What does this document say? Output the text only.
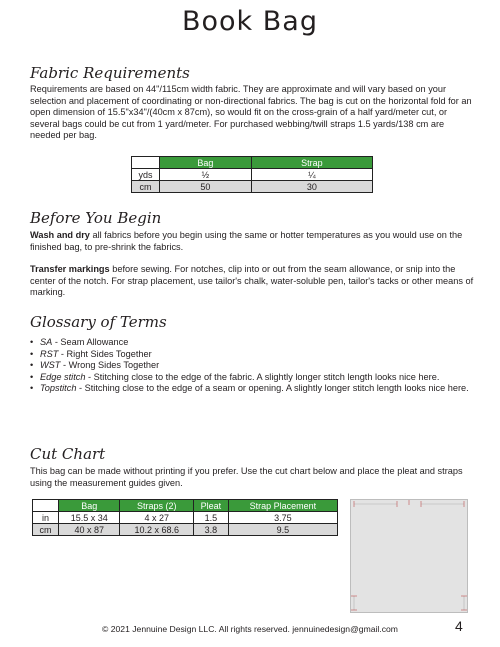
Book Bag
Fabric Requirements

Requirements are based on 44"/115cm width fabric. They are approximate and will vary based on your selection and placement of coordinating or non-directional fabrics. The bag is cut on the horizontal fold for an open dimension of 15.5"x34"/(40cm x 87cm), so would fit on the cross-grain of a half yard/meter cut, or several bags could be cut from 1 yard/meter. For purchased webbing/twill straps 1.5 yards/138 cm are needed per bag.

	Bag	Strap
yds	½	¼
cm	50	30
Before You Begin

Wash and dry all fabrics before you begin using the same or hotter temperatures as you would use on the finished bag, to pre-shrink the fabrics.

Transfer markings before sewing. For notches, clip into or out from the seam allowance, or snip into the center of the notch. For strap placement, use tailor's chalk, water-soluble pen, tailor's tacks or other means of marking.

Glossary of Terms
• SA - Seam Allowance
• RST - Right Sides Together
• WST - Wrong Sides Together
• Edge stitch - Stitching close to the edge of the fabric. A slightly longer stitch length looks nice here.
• Topstitch - Stitching close to the edge of a seam or opening. A slightly longer stitch length looks nice here.
Cut Chart

This bag can be made without printing if you prefer. Use the cut chart below and place the pleat and straps using the measurement guides given.

	Bag	Straps (2)	Pleat	Strap Placement
in	15.5 x 34	4 x 27	1.5	3.75
cm	40 x 87	10.2 x 68.6	3.8	9.5

© 2021 Jennuine Design LLC. All rights reserved. jennuinedesign@gmail.com	4
